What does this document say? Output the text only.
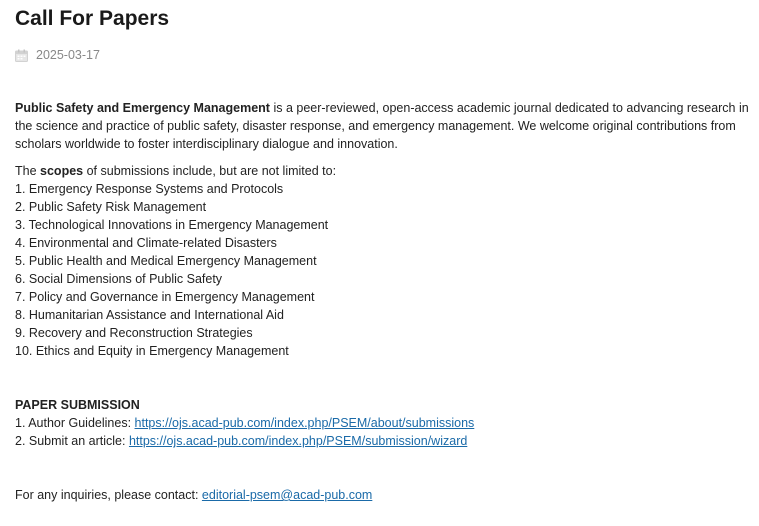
Call For Papers
2025-03-17

Public Safety and Emergency Management is a peer-reviewed, open-access academic journal dedicated to advancing research in the science and practice of public safety, disaster response, and emergency management. We welcome original contributions from scholars worldwide to foster interdisciplinary dialogue and innovation.

The scopes of submissions include, but are not limited to:
1. Emergency Response Systems and Protocols
2. Public Safety Risk Management
3. Technological Innovations in Emergency Management
4. Environmental and Climate-related Disasters
5. Public Health and Medical Emergency Management
6. Social Dimensions of Public Safety
7. Policy and Governance in Emergency Management
8. Humanitarian Assistance and International Aid
9. Recovery and Reconstruction Strategies
10. Ethics and Equity in Emergency Management
PAPER SUBMISSION
1. Author Guidelines: https://ojs.acad-pub.com/index.php/PSEM/about/submissions
2. Submit an article: https://ojs.acad-pub.com/index.php/PSEM/submission/wizard
For any inquiries, please contact: editorial-psem@acad-pub.com
